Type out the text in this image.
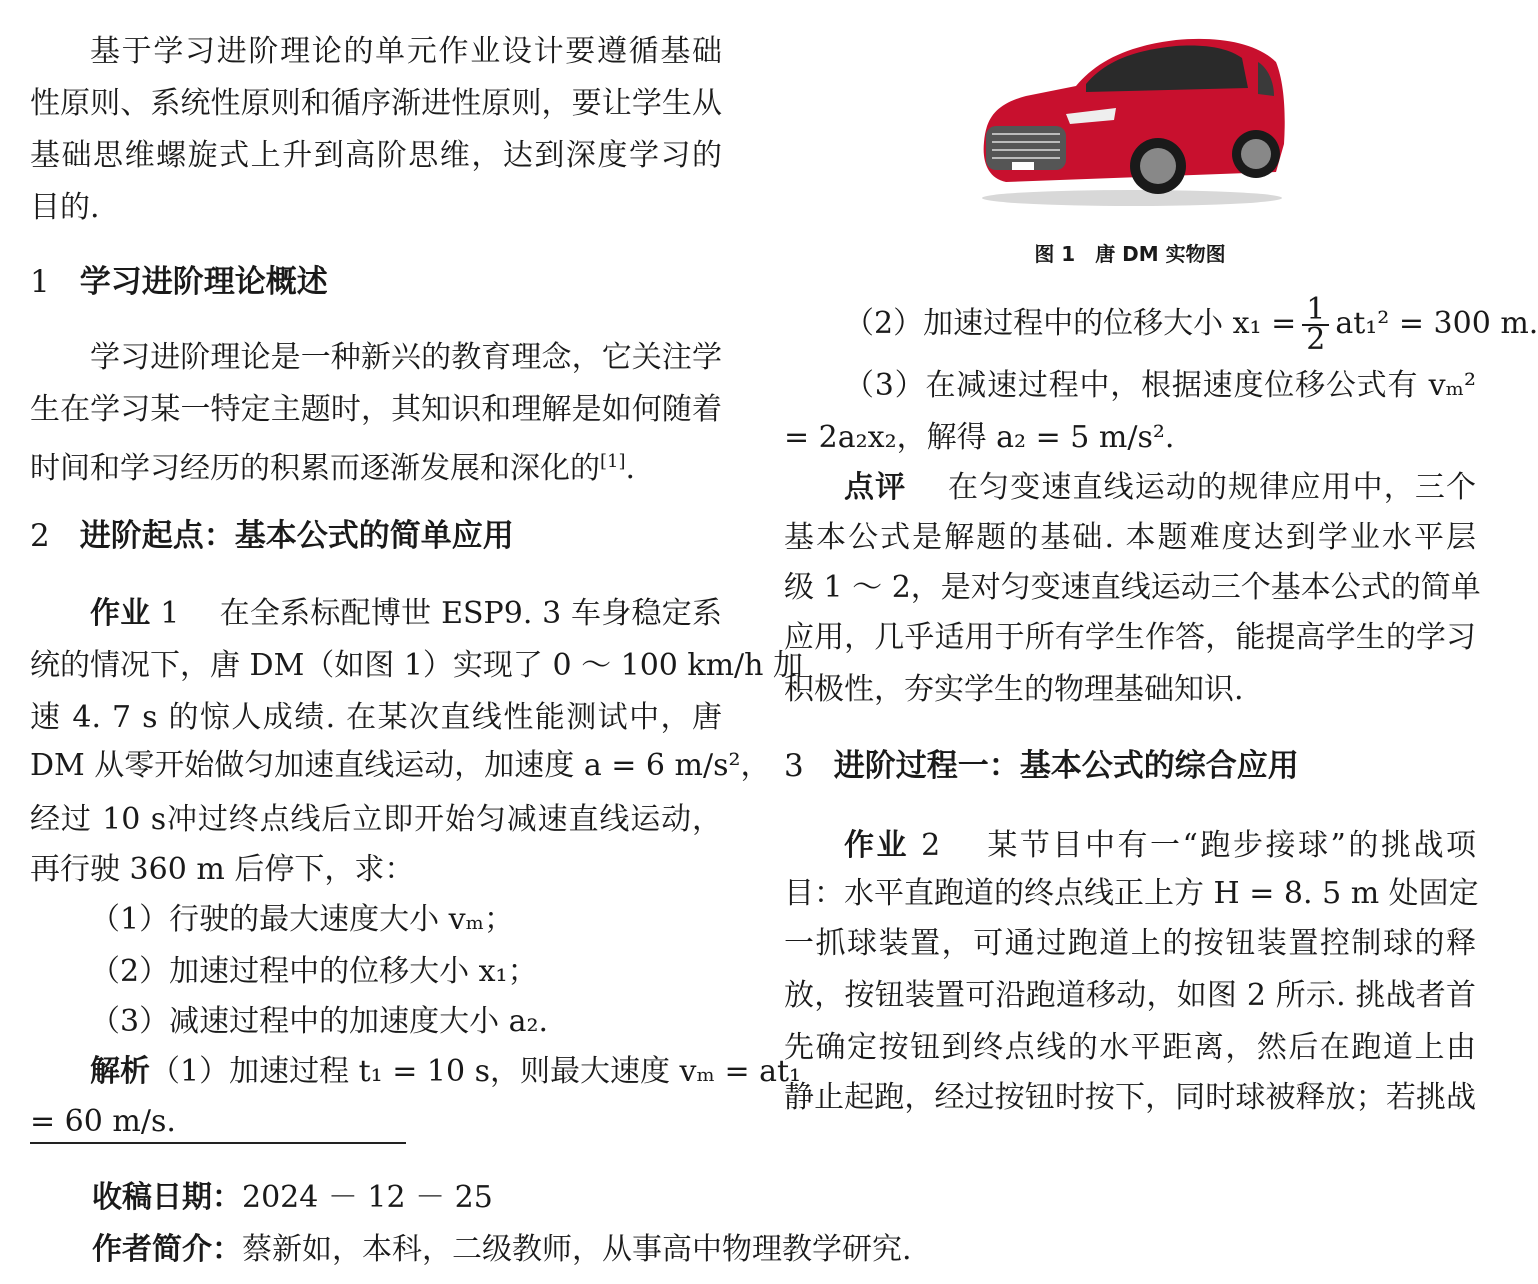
基于学习进阶理论的单元作业设计要遵循基础
性原则、系统性原则和循序渐进性原则，要让学生从
基础思维螺旋式上升到高阶思维，达到深度学习的
目的.
1 学习进阶理论概述
学习进阶理论是一种新兴的教育理念，它关注学
生在学习某一特定主题时，其知识和理解是如何随着
时间和学习经历的积累而逐渐发展和深化的[1].
2 进阶起点：基本公式的简单应用
作业 1　 在全系标配博世 ESP9. 3 车身稳定系
统的情况下，唐 DM（如图 1）实现了 0 ～ 100 km/h 加
速 4. 7 s 的惊人成绩. 在某次直线性能测试中，唐
DM 从零开始做匀加速直线运动，加速度 a = 6 m/s²，
经过 10 s冲过终点线后立即开始匀减速直线运动，
再行驶 360 m 后停下，求：
（1）行驶的最大速度大小 vₘ；
（2）加速过程中的位移大小 x₁；
（3）减速过程中的加速度大小 a₂.
解析（1）加速过程 t₁ = 10 s，则最大速度 vₘ = at₁
= 60 m/s.
图 1　唐 DM 实物图
（2）加速过程中的位移大小 $x_1 = \frac{1}{2} at_1^2 = 300$ m.
（3）在减速过程中，根据速度位移公式有 vₘ²
= 2a₂x₂，解得 a₂ = 5 m/s².
点评　 在匀变速直线运动的规律应用中，三个
基本公式是解题的基础. 本题难度达到学业水平层
级 1 ～ 2，是对匀变速直线运动三个基本公式的简单
应用，几乎适用于所有学生作答，能提高学生的学习
积极性，夯实学生的物理基础知识.
3 进阶过程一：基本公式的综合应用
作业 2　 某节目中有一“跑步接球”的挑战项
目：水平直跑道的终点线正上方 H = 8. 5 m 处固定
一抓球装置，可通过跑道上的按钮装置控制球的释
放，按钮装置可沿跑道移动，如图 2 所示. 挑战者首
先确定按钮到终点线的水平距离，然后在跑道上由
静止起跑，经过按钮时按下，同时球被释放；若挑战
收稿日期：2024 － 12 － 25
作者简介：蔡新如，本科，二级教师，从事高中物理教学研究.
